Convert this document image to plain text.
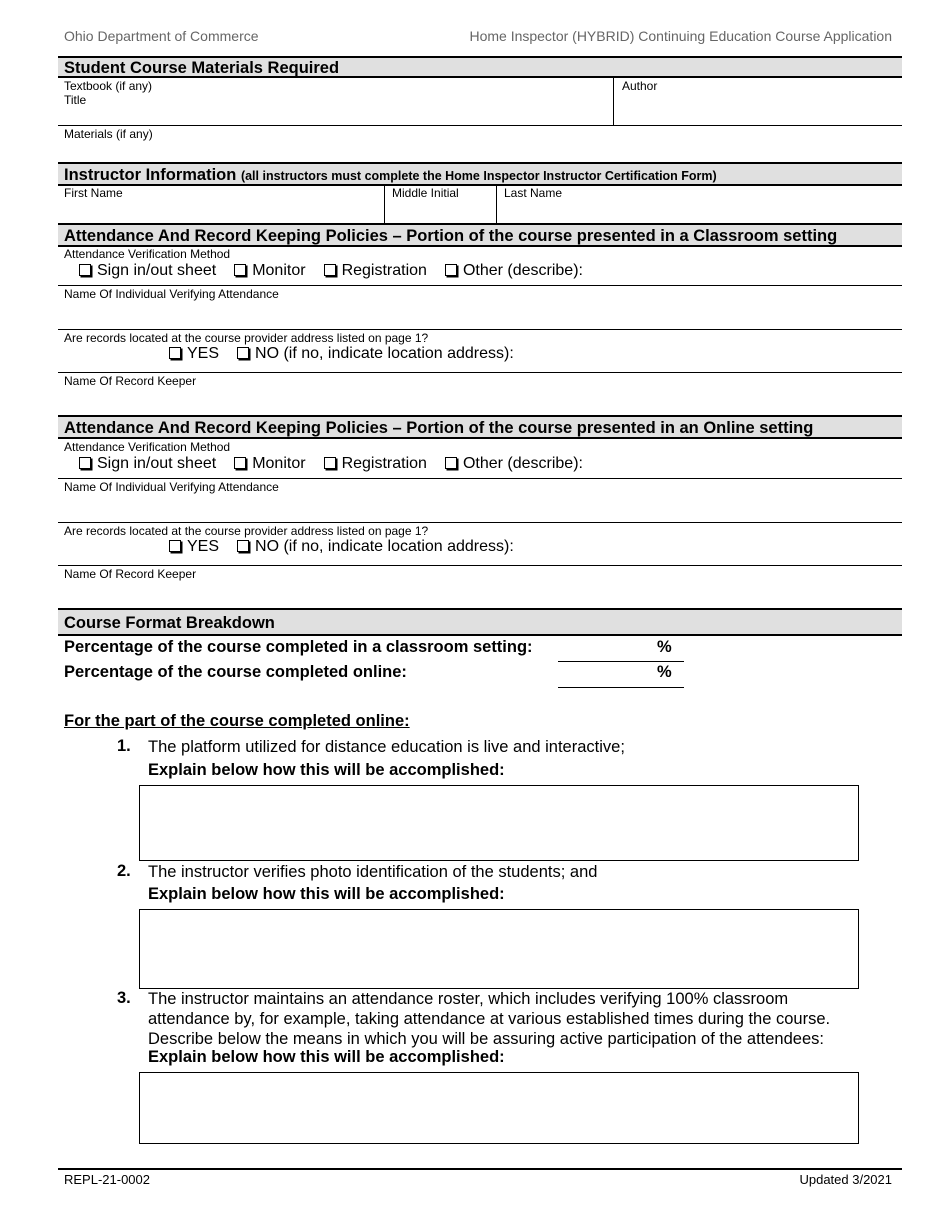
Ohio Department of Commerce	Home Inspector (HYBRID) Continuing Education Course Application
Student Course Materials Required
Textbook (if any)
Title
Author
Materials (if any)
Instructor Information (all instructors must complete the Home Inspector Instructor Certification Form)
First Name	Middle Initial	Last Name
Attendance And Record Keeping Policies – Portion of the course presented in a Classroom setting
Attendance Verification Method
Sign in/out sheet Monitor Registration Other (describe):
Name Of Individual Verifying Attendance
Are records located at the course provider address listed on page 1?
YES NO (if no, indicate location address):
Name Of Record Keeper
Attendance And Record Keeping Policies – Portion of the course presented in an Online setting
Attendance Verification Method
Sign in/out sheet Monitor Registration Other (describe):
Name Of Individual Verifying Attendance
Are records located at the course provider address listed on page 1?
YES NO (if no, indicate location address):
Name Of Record Keeper
Course Format Breakdown
Percentage of the course completed in a classroom setting:	%
Percentage of the course completed online:	%
For the part of the course completed online:
1. The platform utilized for distance education is live and interactive;
Explain below how this will be accomplished:
2. The instructor verifies photo identification of the students; and
Explain below how this will be accomplished:
3. The instructor maintains an attendance roster, which includes verifying 100% classroom attendance by, for example, taking attendance at various established times during the course. Describe below the means in which you will be assuring active participation of the attendees:
Explain below how this will be accomplished:
REPL-21-0002	Updated 3/2021
